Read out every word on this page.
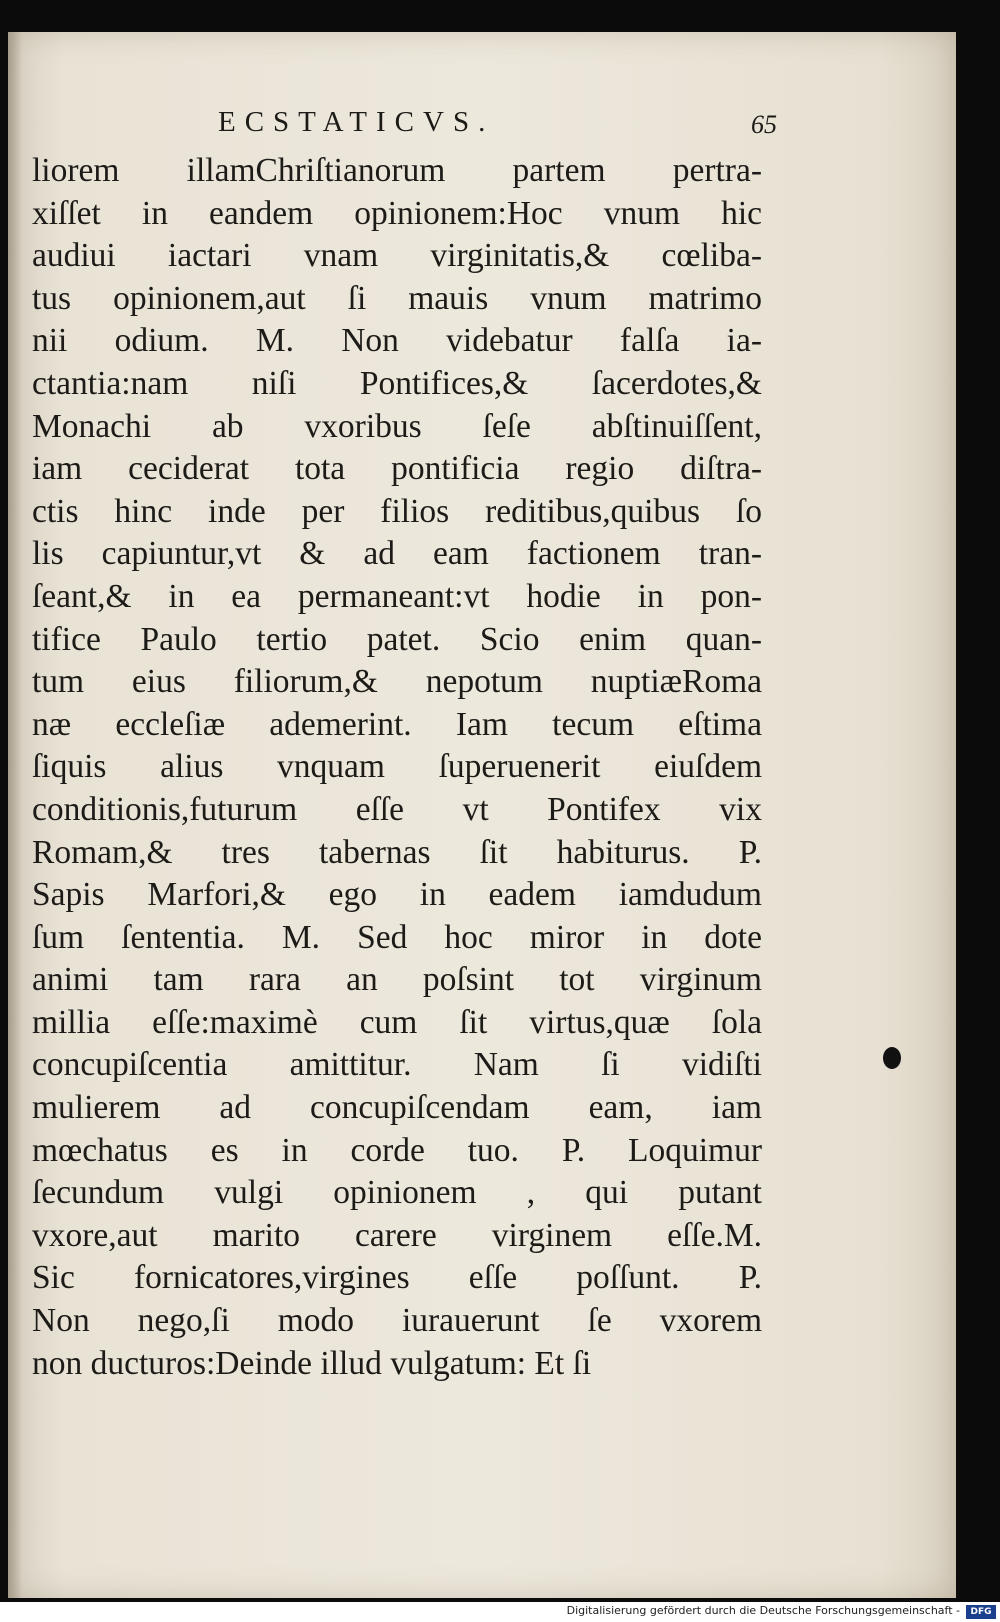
ECSTATICVS.	65
liorem illamChriſtianorum partem pertra-
xiſſet in eandem opinionem:Hoc vnum hic
audiui iactari vnam virginitatis,& cœliba-
tus opinionem,aut ſi mauis vnum matrimo
nii odium. M. Non videbatur falſa ia-
ctantia:nam niſi Pontifices,& ſacerdotes,&
Monachi ab vxoribus ſeſe abſtinuiſſent,
iam ceciderat tota pontificia regio diſtra-
ctis hinc inde per filios reditibus,quibus ſo
lis capiuntur,vt & ad eam factionem tran-
ſeant,& in ea permaneant:vt hodie in pon-
tifice Paulo tertio patet. Scio enim quan-
tum eius filiorum,& nepotum nuptiæRoma
næ eccleſiæ ademerint. Iam tecum eſtima
ſiquis alius vnquam ſuperuenerit eiuſdem
conditionis,futurum eſſe vt Pontifex vix
Romam,& tres tabernas ſit habiturus. P.
Sapis Marfori,& ego in eadem iamdudum
ſum ſententia. M. Sed hoc miror in dote
animi tam rara an poſsint tot virginum
millia eſſe:maximè cum ſit virtus,quæ ſola
concupiſcentia amittitur. Nam ſi vidiſti
mulierem ad concupiſcendam eam, iam
mœchatus es in corde tuo. P. Loquimur
ſecundum vulgi opinionem , qui putant
vxore,aut marito carere virginem eſſe.M.
Sic fornicatores,virgines eſſe poſſunt. P.
Non nego,ſi modo iurauerunt ſe vxorem
non ducturos:Deinde illud vulgatum: Et ſi
Digitalisierung gefördert durch die Deutsche Forschungsgemeinschaft -	DFG
